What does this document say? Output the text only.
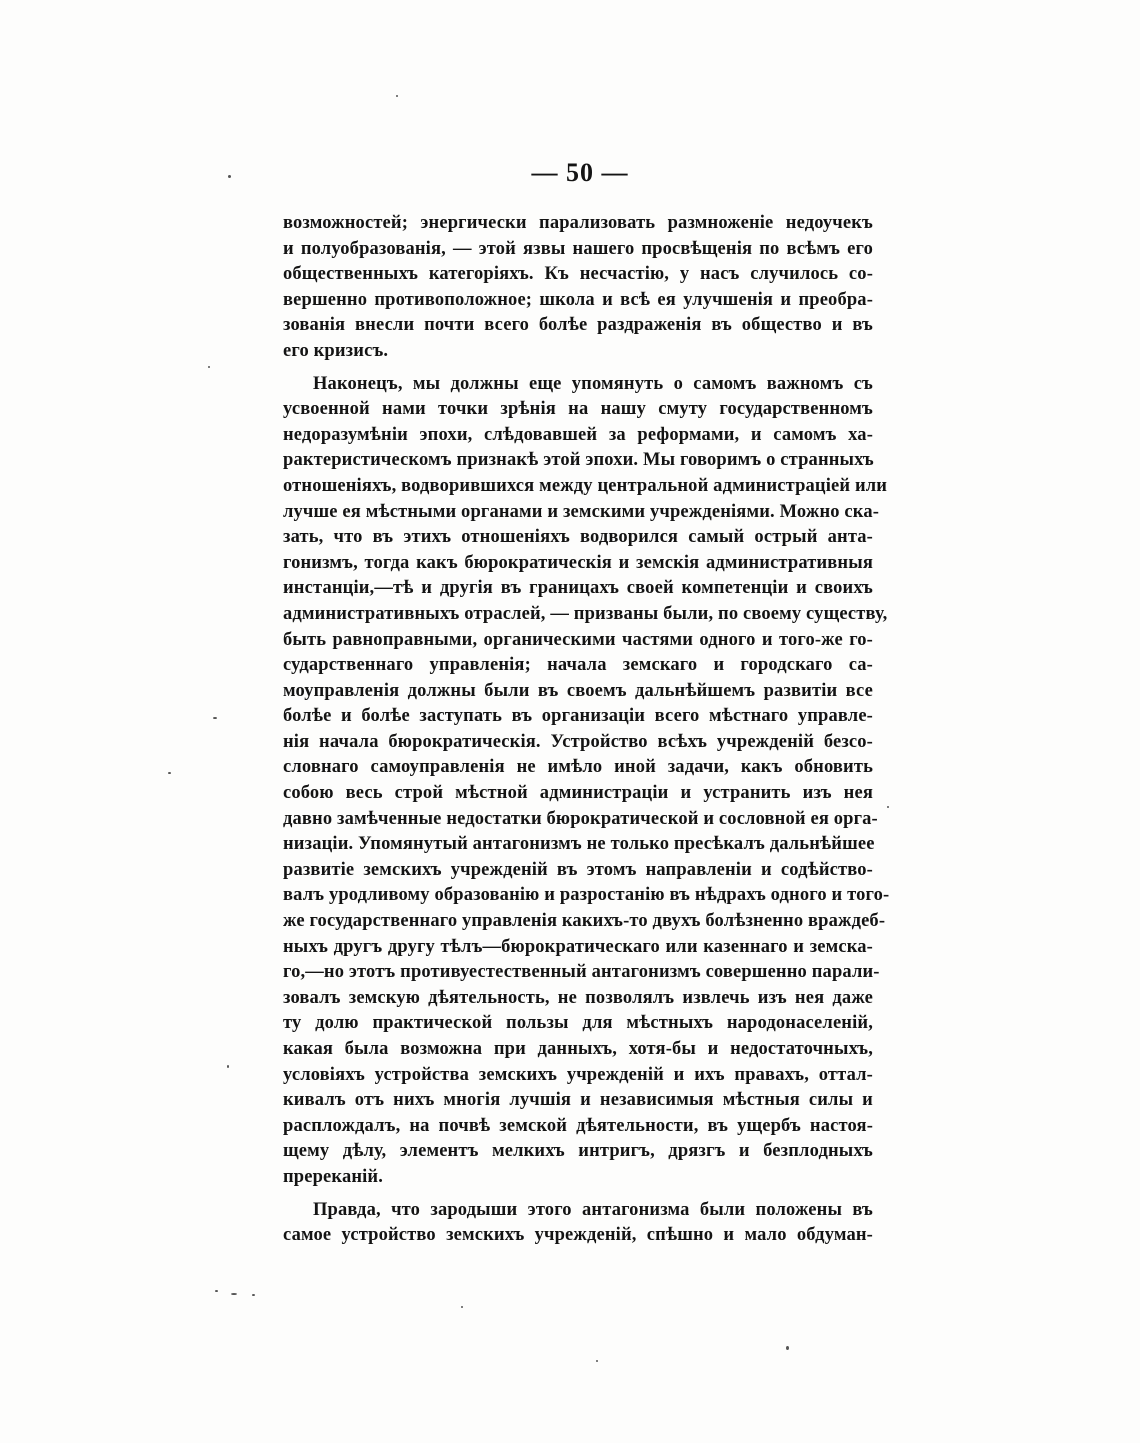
— 50 —
возможностей; энергически парализовать размноженіе недоучекъ
и полуобразованія, — этой язвы нашего просвѣщенія по всѣмъ его
общественныхъ категоріяхъ. Къ несчастію, у насъ случилось со-
вершенно противоположное; школа и всѣ ея улучшенія и преобра-
зованія внесли почти всего болѣе раздраженія въ общество и въ
его кризисъ.
Наконецъ, мы должны еще упомянуть о самомъ важномъ съ
усвоенной нами точки зрѣнія на нашу смуту государственномъ
недоразумѣніи эпохи, слѣдовавшей за реформами, и самомъ ха-
рактеристическомъ признакѣ этой эпохи. Мы говоримъ о странныхъ
отношеніяхъ, водворившихся между центральной администраціей или
лучше ея мѣстными органами и земскими учрежденіями. Можно ска-
зать, что въ этихъ отношеніяхъ водворился самый острый анта-
гонизмъ, тогда какъ бюрократическія и земскія административныя
инстанціи,—тѣ и другія въ границахъ своей компетенціи и своихъ
административныхъ отраслей, — призваны были, по своему существу,
быть равноправными, органическими частями одного и того-же го-
сударственнаго управленія; начала земскаго и городскаго са-
моуправленія должны были въ своемъ дальнѣйшемъ развитіи все
болѣе и болѣе заступать въ организаціи всего мѣстнаго управле-
нія начала бюрократическія. Устройство всѣхъ учрежденій безсо-
словнаго самоуправленія не имѣло иной задачи, какъ обновить
собою весь строй мѣстной администраціи и устранить изъ нея
давно замѣченные недостатки бюрократической и сословной ея орга-
низаціи. Упомянутый антагонизмъ не только пресѣкалъ дальнѣйшее
развитіе земскихъ учрежденій въ этомъ направленіи и содѣйство-
валъ уродливому образованію и разростанію въ нѣдрахъ одного и того-
же государственнаго управленія какихъ-то двухъ болѣзненно враждеб-
ныхъ другъ другу тѣлъ—бюрократическаго или казеннаго и земска-
го,—но этотъ противуестественный антагонизмъ совершенно парали-
зовалъ земскую дѣятельность, не позволялъ извлечь изъ нея даже
ту долю практической пользы для мѣстныхъ народонаселеній,
какая была возможна при данныхъ, хотя-бы и недостаточныхъ,
условіяхъ устройства земскихъ учрежденій и ихъ правахъ, оттал-
кивалъ отъ нихъ многія лучшія и независимыя мѣстныя силы и
расплождалъ, на почвѣ земской дѣятельности, въ ущербъ настоя-
щему дѣлу, элементъ мелкихъ интригъ, дрязгъ и безплодныхъ
пререканій.
Правда, что зародыши этого антагонизма были положены въ
самое устройство земскихъ учрежденій, спѣшно и мало обдуман-
